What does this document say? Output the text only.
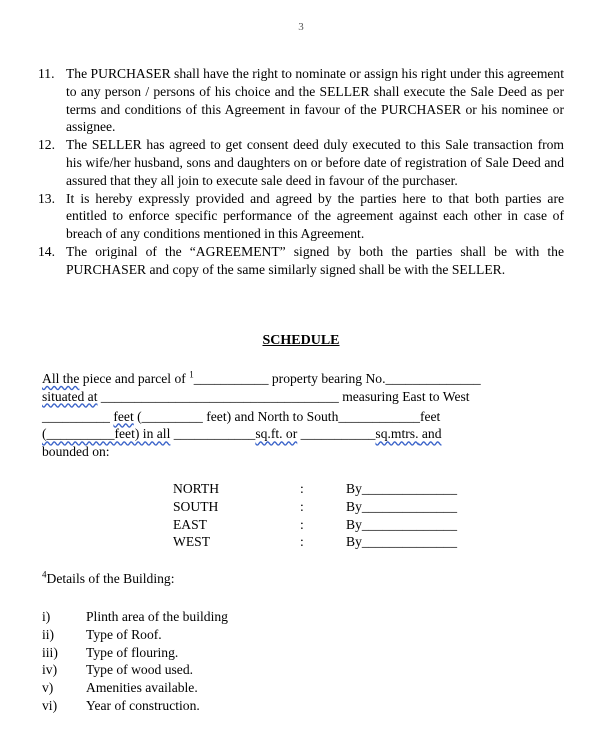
3
11. The PURCHASER shall have the right to nominate or assign his right under this agreement to any person / persons of his choice and the SELLER shall execute the Sale Deed as per terms and conditions of this Agreement in favour of the PURCHASER or his nominee or assignee.
12. The SELLER has agreed to get consent deed duly executed to this Sale transaction from his wife/her husband, sons and daughters on or before date of registration of Sale Deed and assured that they all join to execute sale deed in favour of the purchaser.
13. It is hereby expressly provided and agreed by the parties here to that both parties are entitled to enforce specific performance of the agreement against each other in case of breach of any conditions mentioned in this Agreement.
14. The original of the “AGREEMENT” signed by both the parties shall be with the PURCHASER and copy of the same similarly signed shall be with the SELLER.
SCHEDULE
All the piece and parcel of $^1$___________ property bearing No.______________
situated at ___________________________________ measuring East to West
__________ feet (_________ feet) and North to South____________feet
(__________feet) in all ____________sq.ft. or ___________sq.mtrs. and
bounded on:
NORTH	:	By______________
SOUTH	:	By______________
EAST	:	By______________
WEST	:	By______________
$^4$Details of the Building:
i)	Plinth area of the building
ii) Type of Roof.
iii) Type of flouring.
iv) Type of wood used.
v) Amenities available.
vi) Year of construction.
